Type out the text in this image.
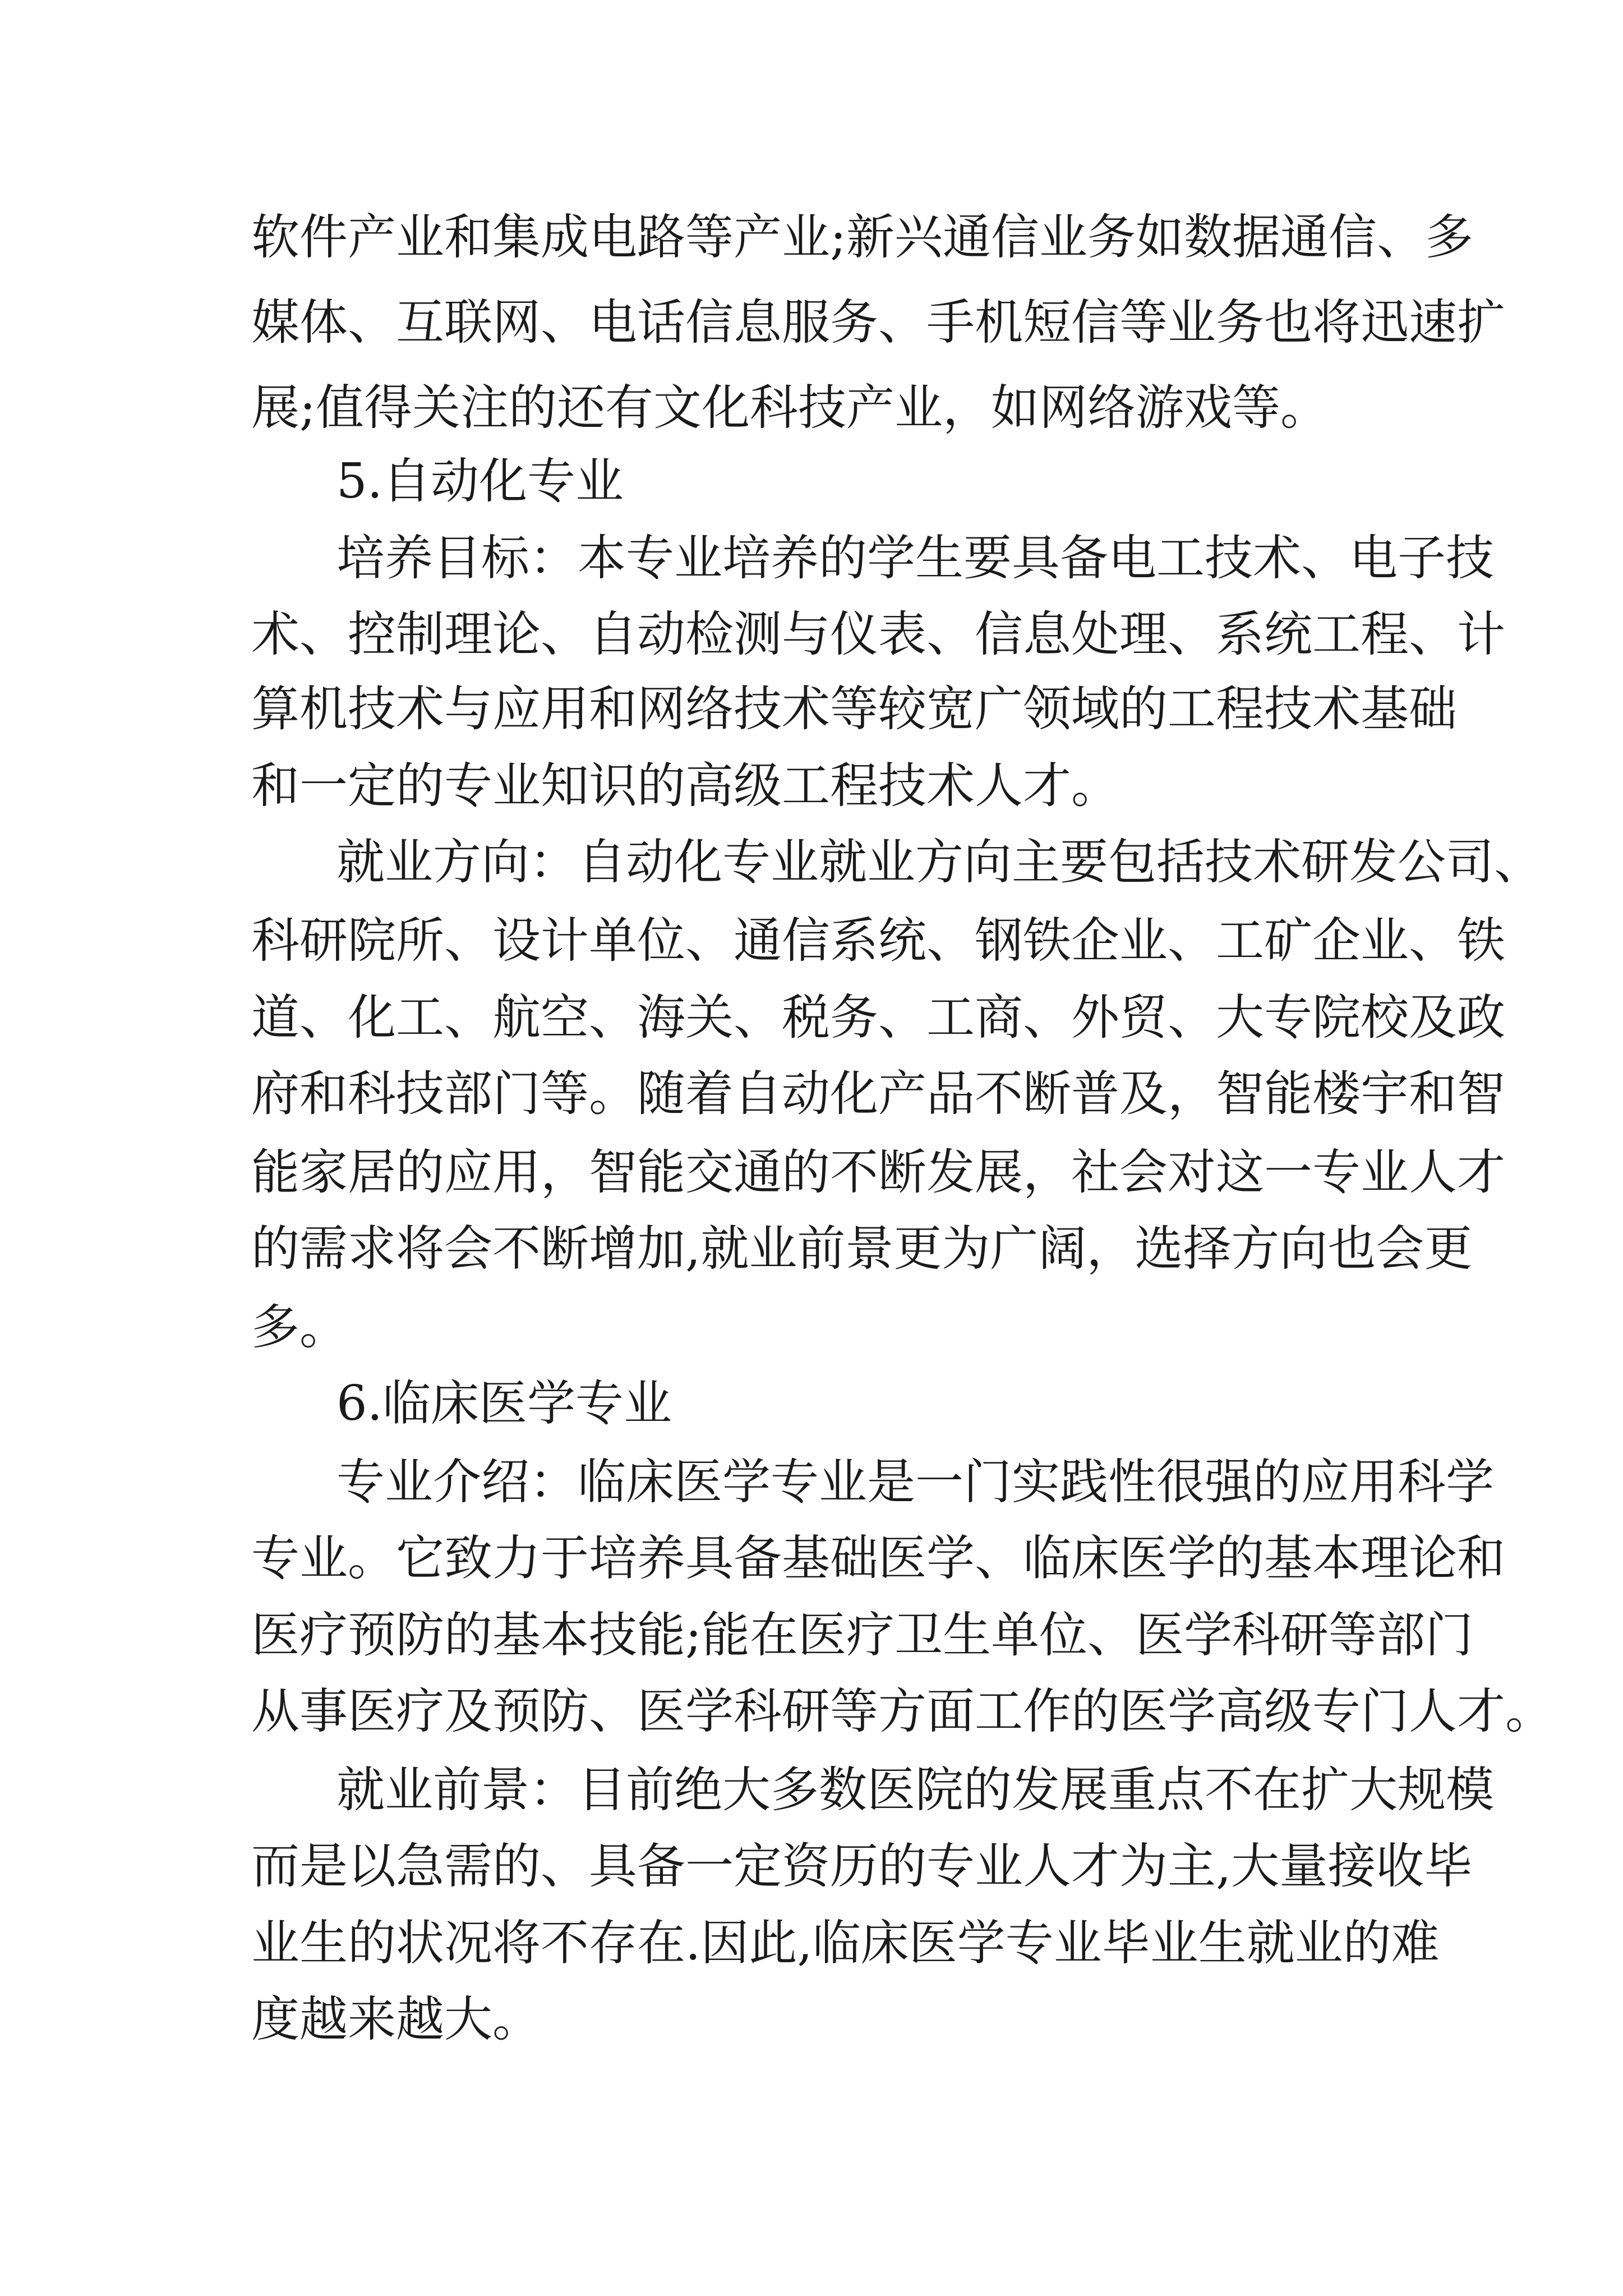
软件产业和集成电路等产业;新兴通信业务如数据通信、多
媒体、互联网、电话信息服务、手机短信等业务也将迅速扩
展;值得关注的还有文化科技产业，如网络游戏等。
5.自动化专业
培养目标：本专业培养的学生要具备电工技术、电子技
术、控制理论、自动检测与仪表、信息处理、系统工程、计
算机技术与应用和网络技术等较宽广领域的工程技术基础
和一定的专业知识的高级工程技术人才。
就业方向：自动化专业就业方向主要包括技术研发公司、
科研院所、设计单位、通信系统、钢铁企业、工矿企业、铁
道、化工、航空、海关、税务、工商、外贸、大专院校及政
府和科技部门等。随着自动化产品不断普及，智能楼宇和智
能家居的应用，智能交通的不断发展，社会对这一专业人才
的需求将会不断增加,就业前景更为广阔，选择方向也会更
多。
6.临床医学专业
专业介绍：临床医学专业是一门实践性很强的应用科学
专业。它致力于培养具备基础医学、临床医学的基本理论和
医疗预防的基本技能;能在医疗卫生单位、医学科研等部门
从事医疗及预防、医学科研等方面工作的医学高级专门人才。
就业前景：目前绝大多数医院的发展重点不在扩大规模
而是以急需的、具备一定资历的专业人才为主,大量接收毕
业生的状况将不存在.因此,临床医学专业毕业生就业的难
度越来越大。
